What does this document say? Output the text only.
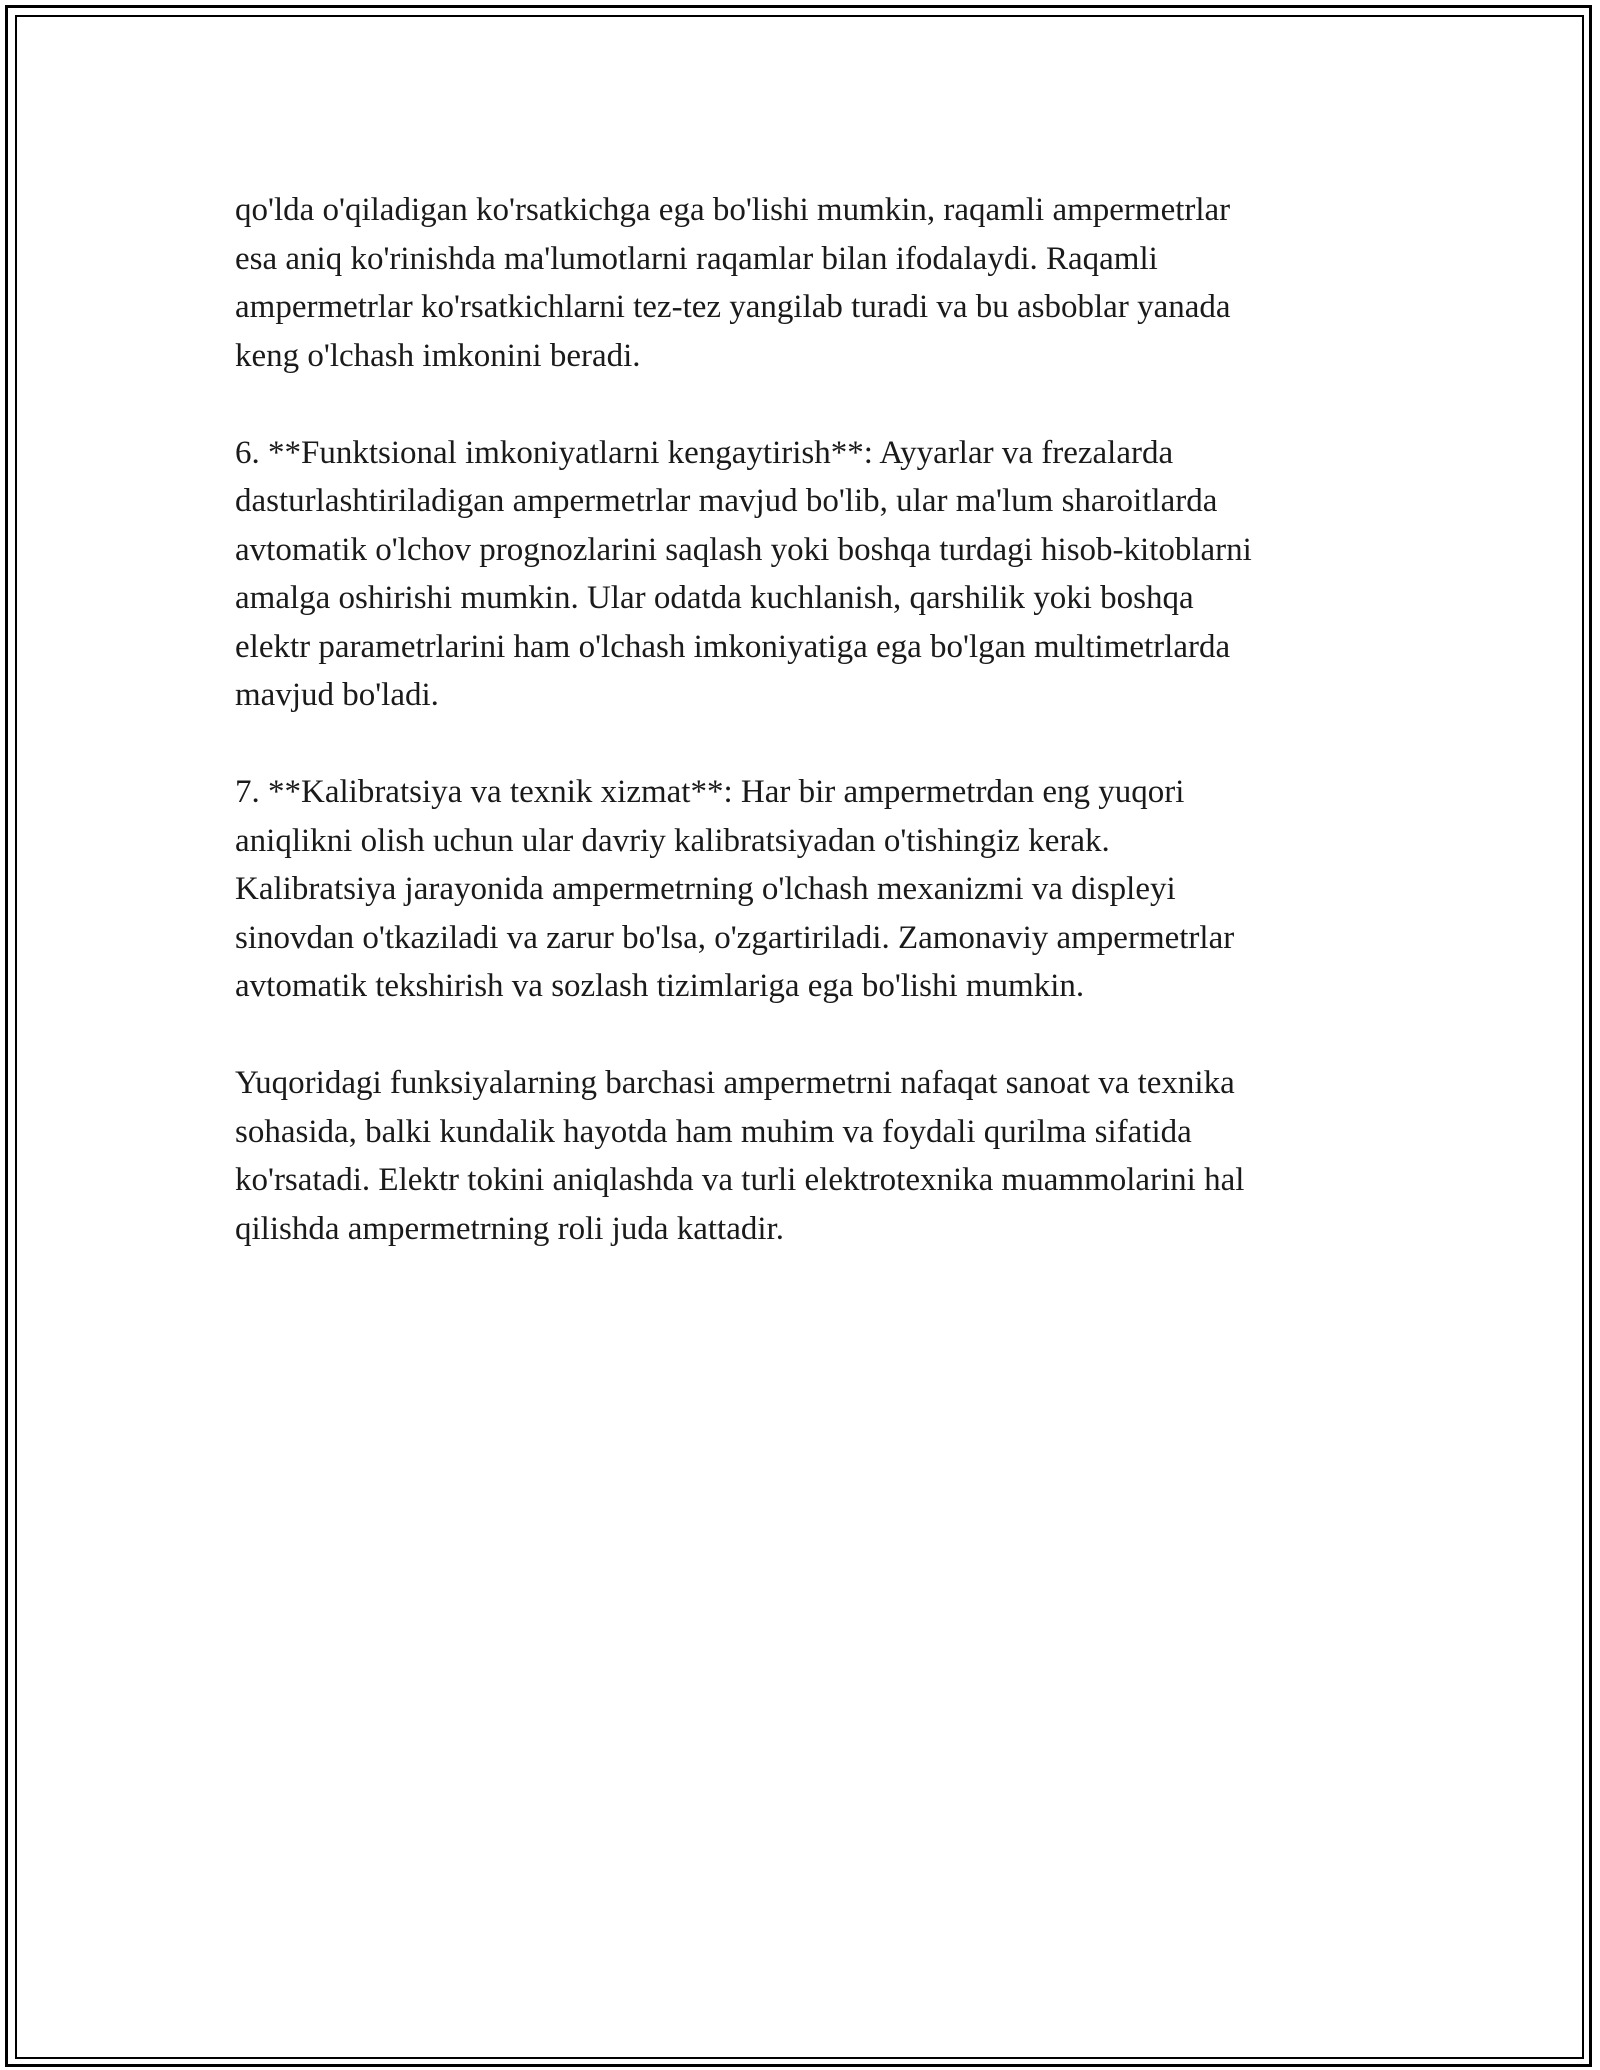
qo'lda o'qiladigan ko'rsatkichga ega bo'lishi mumkin, raqamli ampermetrlar
esa aniq ko'rinishda ma'lumotlarni raqamlar bilan ifodalaydi. Raqamli
ampermetrlar ko'rsatkichlarni tez-tez yangilab turadi va bu asboblar yanada
keng o'lchash imkonini beradi.

6. **Funktsional imkoniyatlarni kengaytirish**: Ayyarlar va frezalarda
dasturlashtiriladigan ampermetrlar mavjud bo'lib, ular ma'lum sharoitlarda
avtomatik o'lchov prognozlarini saqlash yoki boshqa turdagi hisob-kitoblarni
amalga oshirishi mumkin. Ular odatda kuchlanish, qarshilik yoki boshqa
elektr parametrlarini ham o'lchash imkoniyatiga ega bo'lgan multimetrlarda
mavjud bo'ladi.

7. **Kalibratsiya va texnik xizmat**: Har bir ampermetrdan eng yuqori
aniqlikni olish uchun ular davriy kalibratsiyadan o'tishingiz kerak.
Kalibratsiya jarayonida ampermetrning o'lchash mexanizmi va displeyi
sinovdan o'tkaziladi va zarur bo'lsa, o'zgartiriladi. Zamonaviy ampermetrlar
avtomatik tekshirish va sozlash tizimlariga ega bo'lishi mumkin.

Yuqoridagi funksiyalarning barchasi ampermetrni nafaqat sanoat va texnika
sohasida, balki kundalik hayotda ham muhim va foydali qurilma sifatida
ko'rsatadi. Elektr tokini aniqlashda va turli elektrotexnika muammolarini hal
qilishda ampermetrning roli juda kattadir.
